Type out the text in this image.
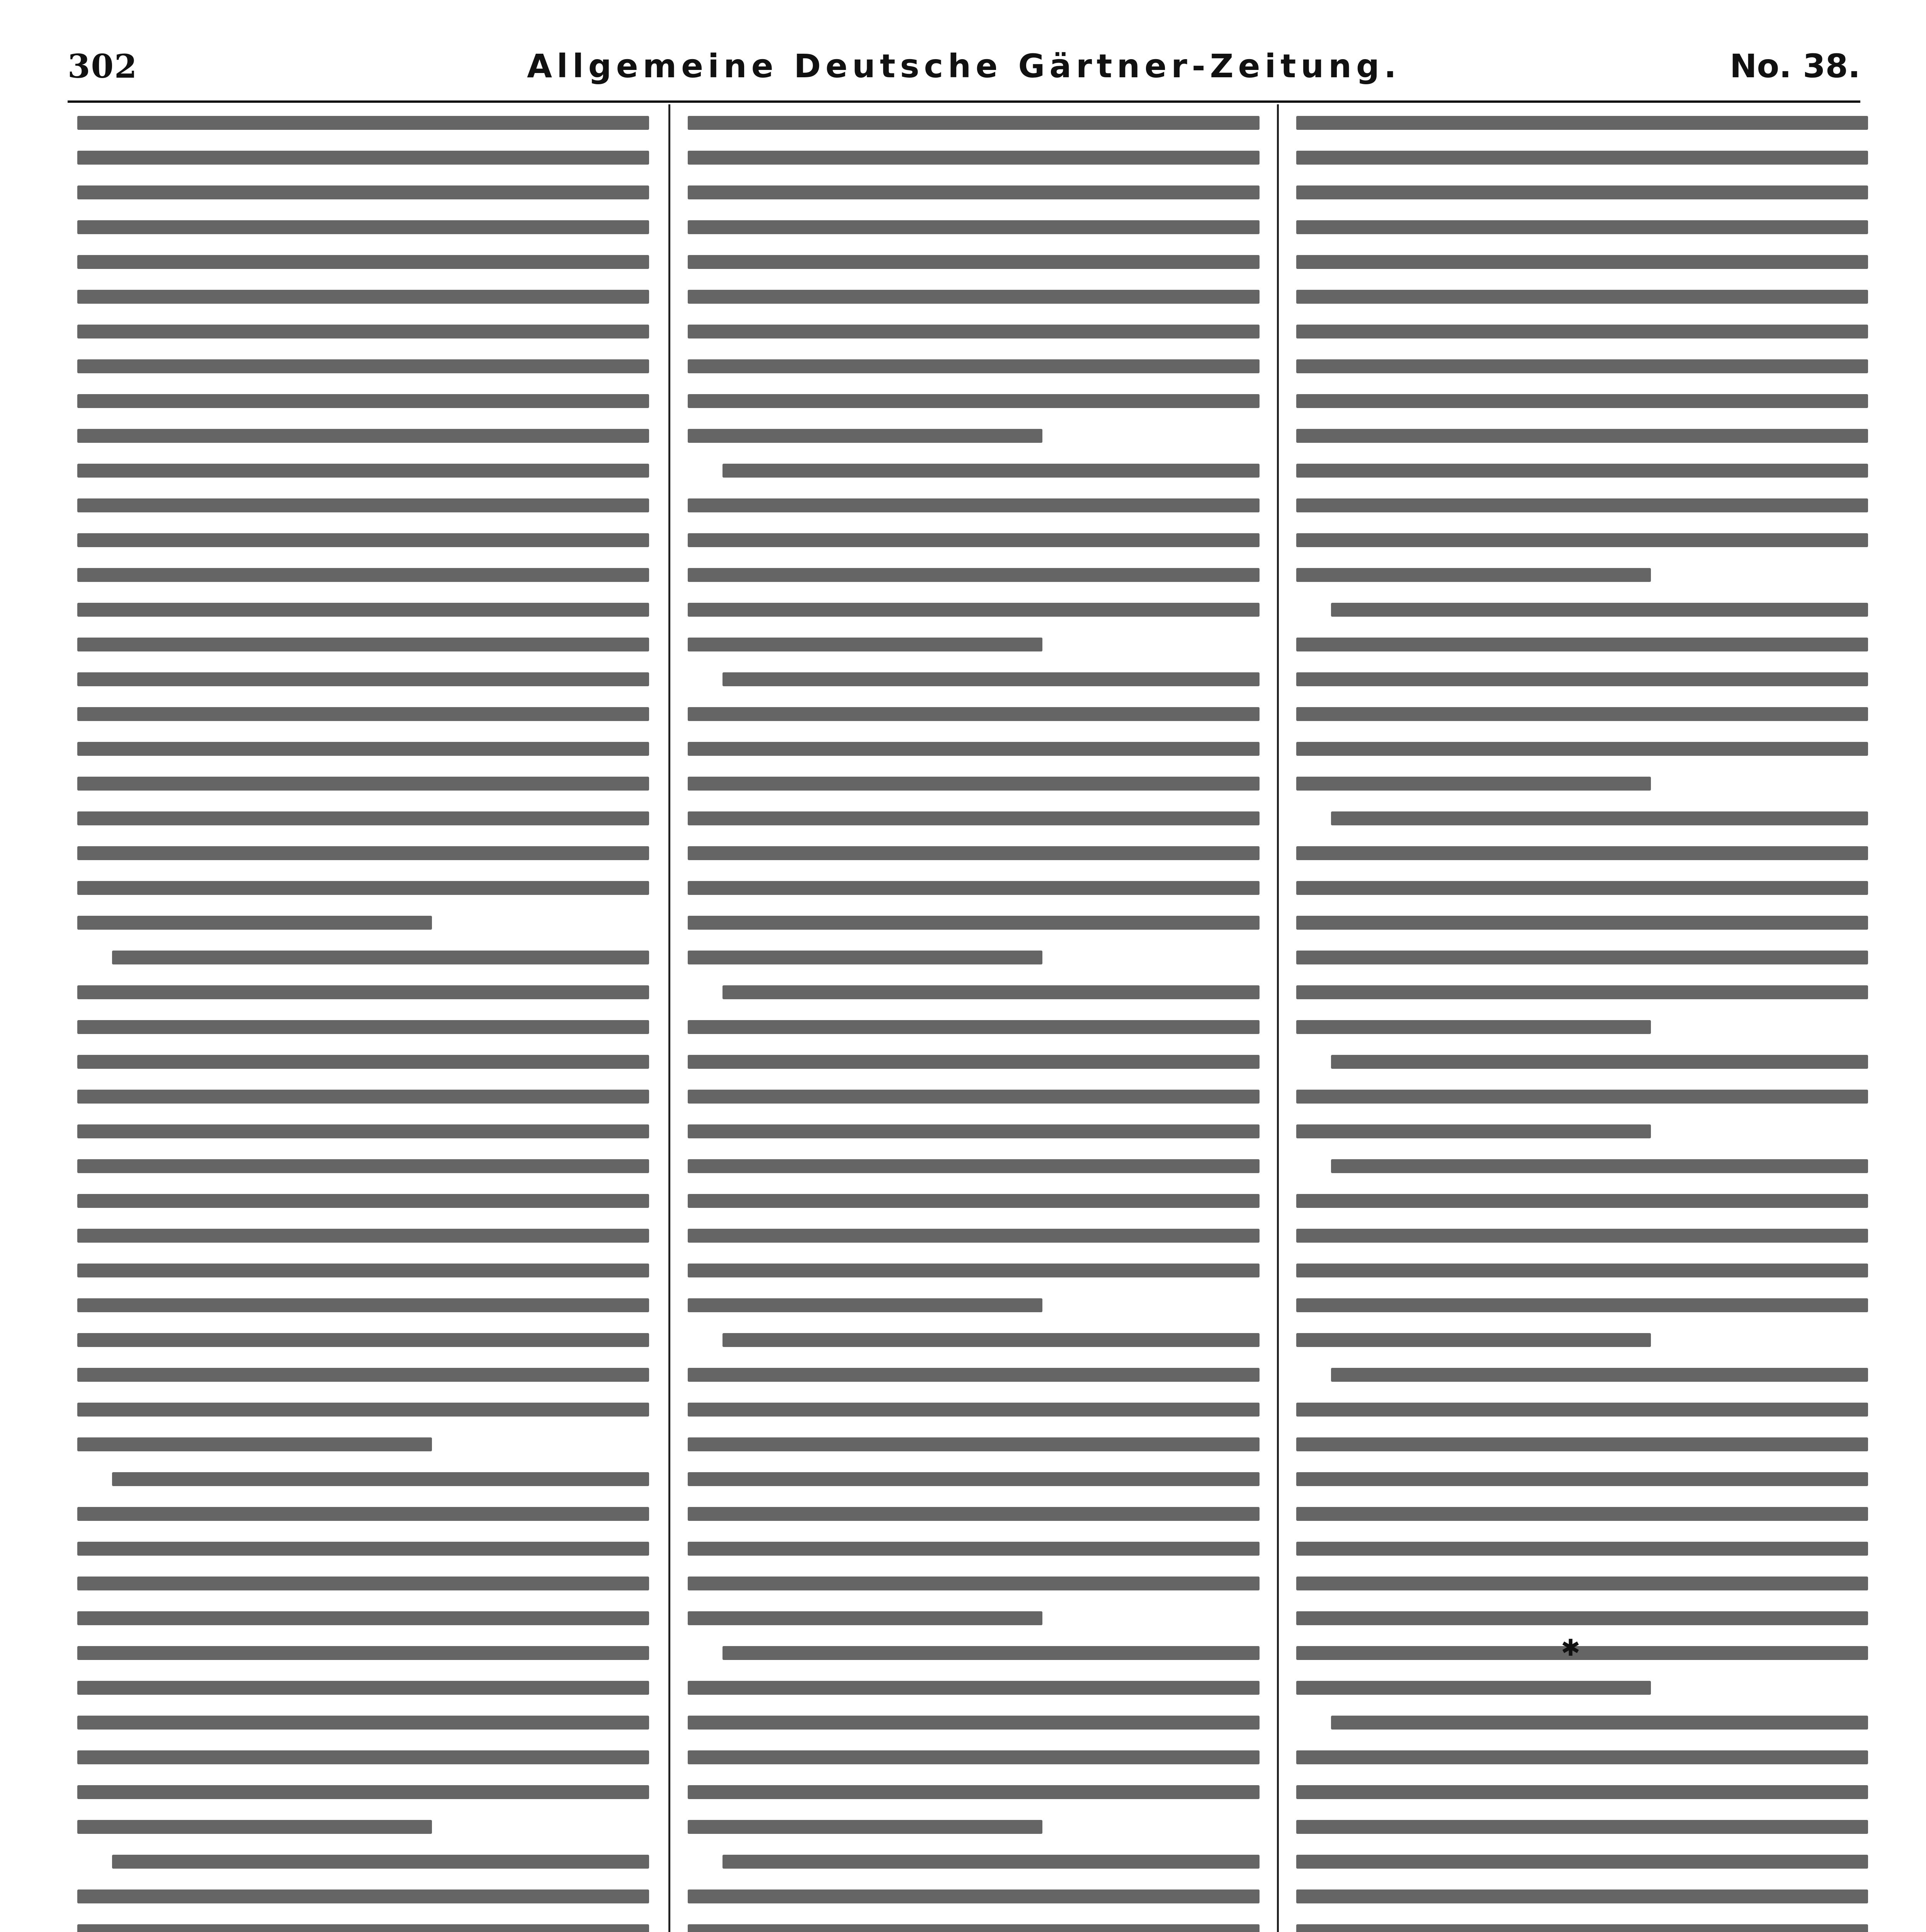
302	Allgemeine Deutsche Gärtner-Zeitung.	No. 38.
✱
